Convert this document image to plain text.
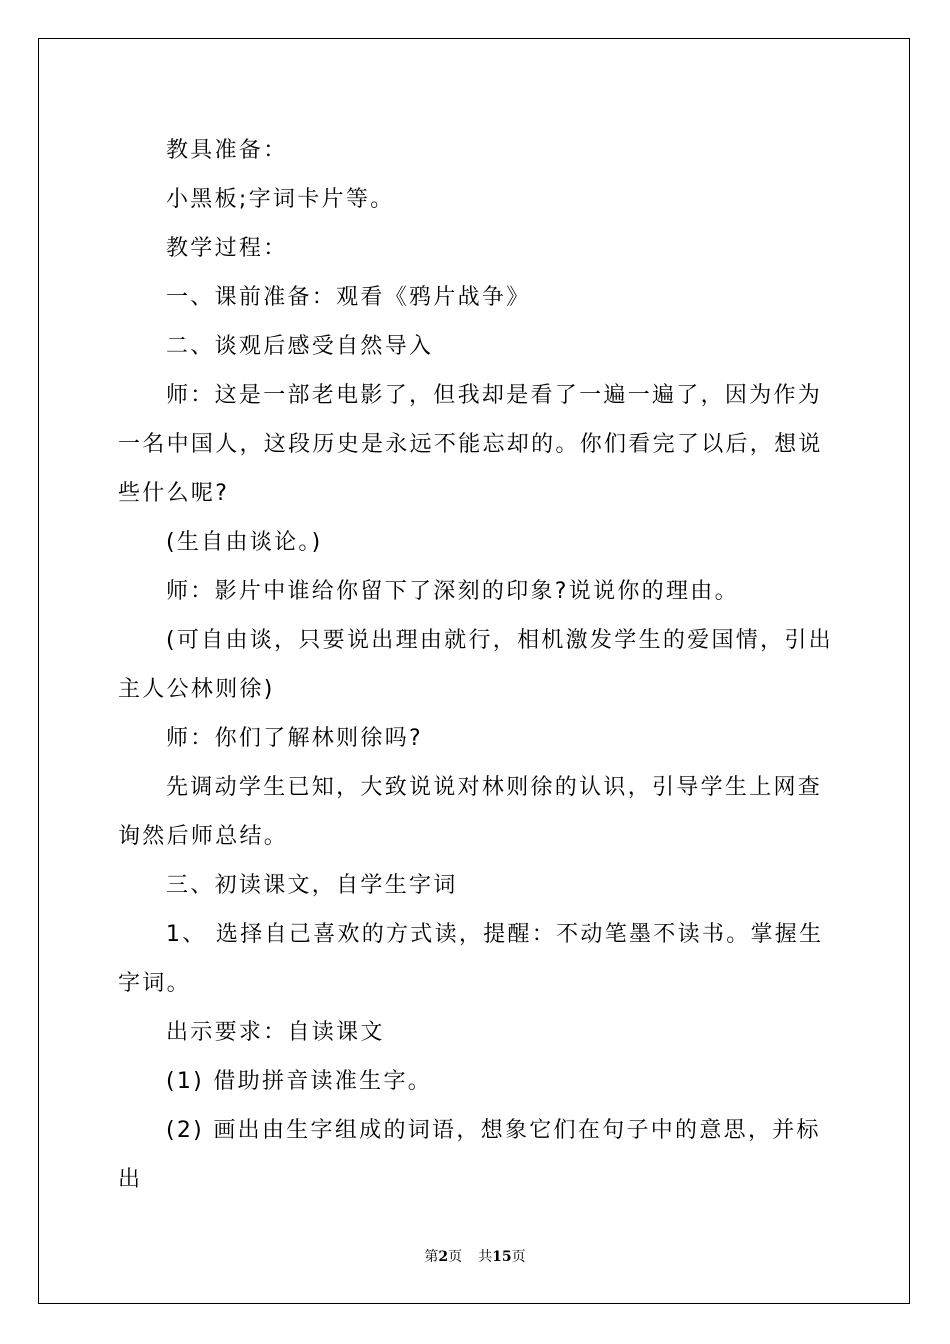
教具准备：

小黑板;字词卡片等。

教学过程：

一、课前准备：观看《鸦片战争》

二、谈观后感受自然导入

师：这是一部老电影了，但我却是看了一遍一遍了，因为作为一名中国人，这段历史是永远不能忘却的。你们看完了以后，想说些什么呢?

(生自由谈论。)

师：影片中谁给你留下了深刻的印象?说说你的理由。

(可自由谈，只要说出理由就行，相机激发学生的爱国情，引出主人公林则徐)

师：你们了解林则徐吗?

先调动学生已知，大致说说对林则徐的认识，引导学生上网查询然后师总结。

三、初读课文，自学生字词

1、 选择自己喜欢的方式读，提醒：不动笔墨不读书。掌握生字词。

出示要求：自读课文

(1) 借助拼音读准生字。

(2) 画出由生字组成的词语，想象它们在句子中的意思，并标出

第2页 共15页
